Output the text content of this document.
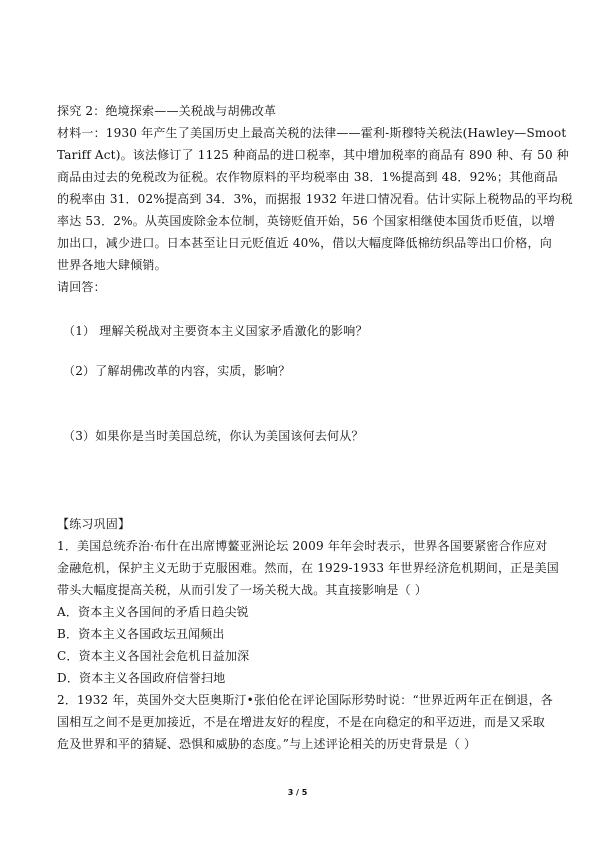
探究 2：绝境探索——关税战与胡佛改革
材料一：1930 年产生了美国历史上最高关税的法律——霍利-斯穆特关税法(Hawley—Smoot
Tariff Act)。该法修订了 1125 种商品的进口税率，其中增加税率的商品有 890 种、有 50 种
商品由过去的免税改为征税。农作物原料的平均税率由 38．1%提高到 48．92%；其他商品
的税率由 31．02%提高到 34．3%，而据报 1932 年进口情况看。估计实际上税物品的平均税
率达 53．2%。从英国废除金本位制，英镑贬值开始，56 个国家相继使本国货币贬值，以增
加出口，减少进口。日本甚至让日元贬值近 40%，借以大幅度降低棉纺织品等出口价格，向
世界各地大肆倾销。
请回答：
（1） 理解关税战对主要资本主义国家矛盾激化的影响？
（2）了解胡佛改革的内容，实质，影响？
（3）如果你是当时美国总统，你认为美国该何去何从？
【练习巩固】
1．美国总统乔治·布什在出席博鳌亚洲论坛 2009 年年会时表示，世界各国要紧密合作应对
金融危机，保护主义无助于克服困难。然而，在 1929-1933 年世界经济危机期间，正是美国
带头大幅度提高关税，从而引发了一场关税大战。其直接影响是（ ）
A．资本主义各国间的矛盾日趋尖锐
B．资本主义各国政坛丑闻频出
C．资本主义各国社会危机日益加深
D．资本主义各国政府信誉扫地
2．1932 年，英国外交大臣奥斯汀•张伯伦在评论国际形势时说：“世界近两年正在倒退，各
国相互之间不是更加接近，不是在增进友好的程度，不是在向稳定的和平迈进，而是又采取
危及世界和平的猜疑、恐惧和威胁的态度。”与上述评论相关的历史背景是（ ）
3 / 5
